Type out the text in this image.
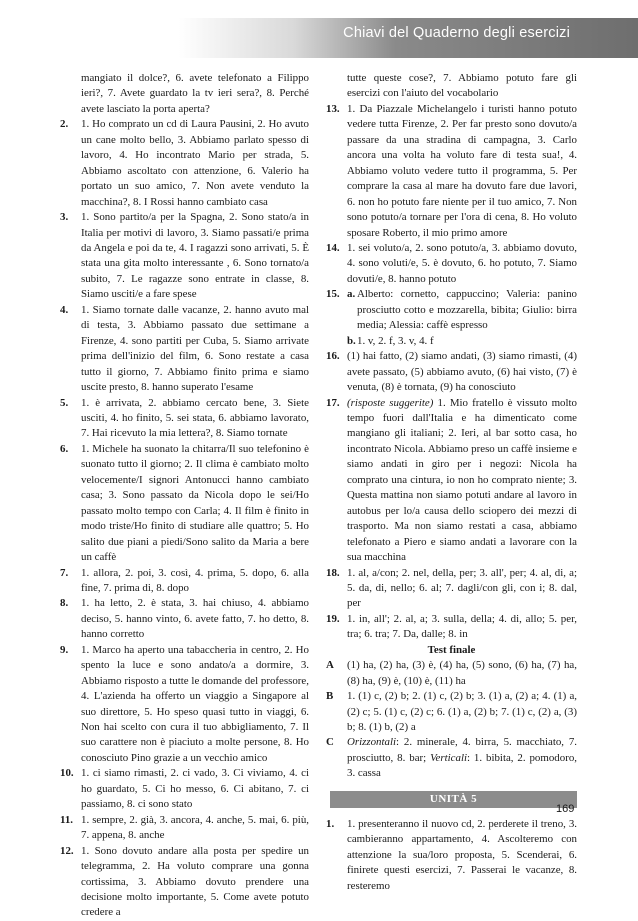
Chiavi del Quaderno degli esercizi
mangiato il dolce?, 6. avete telefonato a Filippo ieri?, 7. Avete guardato la tv ieri sera?, 8. Perché avete lasciato la porta aperta?
2.	1. Ho comprato un cd di Laura Pausini, 2. Ho avuto un cane molto bello, 3. Abbiamo parlato spesso di lavoro, 4. Ho incontrato Mario per strada, 5. Abbiamo ascoltato con attenzione, 6. Valerio ha portato un suo amico, 7. Non avete venduto la macchina?, 8. I Rossi hanno cambiato casa
3.	1. Sono partito/a per la Spagna, 2. Sono stato/a in Italia per motivi di lavoro, 3. Siamo passati/e prima da Angela e poi da te, 4. I ragazzi sono arrivati, 5. È stata una gita molto interessante , 6. Sono tornato/a subito, 7. Le ragazze sono entrate in classe, 8. Siamo usciti/e a fare spese
4.	1. Siamo tornate dalle vacanze, 2. hanno avuto mal di testa, 3. Abbiamo passato due settimane a Firenze, 4. sono partiti per Cuba, 5. Siamo arrivate prima dell'inizio del film, 6. Sono restate a casa tutto il giorno, 7. Abbiamo finito prima e siamo uscite presto, 8. hanno superato l'esame
5.	1. è arrivata, 2. abbiamo cercato bene, 3. Siete usciti, 4. ho finito, 5. sei stata, 6. abbiamo lavorato, 7. Hai ricevuto la mia lettera?, 8. Siamo tornate
6.	1. Michele ha suonato la chitarra/Il suo telefonino è suonato tutto il giorno; 2. Il clima è cambiato molto velocemente/I signori Antonucci hanno cambiato casa; 3. Sono passato da Nicola dopo le sei/Ho passato molto tempo con Carla; 4. Il film è finito in modo triste/Ho finito di studiare alle quattro; 5. Ho salito due piani a piedi/Sono salito da Maria a bere un caffè
7.	1. allora, 2. poi, 3. così, 4. prima, 5. dopo, 6. alla fine, 7. prima di, 8. dopo
8.	1. ha letto, 2. è stata, 3. hai chiuso, 4. abbiamo deciso, 5. hanno vinto, 6. avete fatto, 7. ho detto, 8. hanno corretto
9.	1. Marco ha aperto una tabaccheria in centro, 2. Ho spento la luce e sono andato/a a dormire, 3. Abbiamo risposto a tutte le domande del professore, 4. L'azienda ha offerto un viaggio a Singapore al suo direttore, 5. Ho speso quasi tutto in viaggi, 6. Non hai scelto con cura il tuo abbigliamento, 7. Il suo carattere non è piaciuto a molte persone, 8. Ho conosciuto Pino grazie a un vecchio amico
10. 1. ci siamo rimasti, 2. ci vado, 3. Ci viviamo, 4. ci ho guardato, 5. Ci ho messo, 6. Ci abitano, 7. ci passiamo, 8. ci sono stato
11. 1. sempre, 2. già, 3. ancora, 4. anche, 5. mai, 6. più, 7. appena, 8. anche
12. 1. Sono dovuto andare alla posta per spedire un telegramma, 2. Ha voluto comprare una gonna cortissima, 3. Abbiamo dovuto prendere una decisione molto importante, 5. Come avete potuto credere a
tutte queste cose?, 7. Abbiamo potuto fare gli esercizi con l'aiuto del vocabolario
13. 1. Da Piazzale Michelangelo i turisti hanno potuto vedere tutta Firenze, 2. Per far presto sono dovuto/a passare da una stradina di campagna, 3. Carlo ancora una volta ha voluto fare di testa sua!, 4. Abbiamo voluto vedere tutto il programma, 5. Per comprare la casa al mare ha dovuto fare due lavori, 6. non ho potuto fare niente per il tuo amico, 7. Non sono potuto/a tornare per l'ora di cena, 8. Ho voluto sposare Roberto, il mio primo amore
14. 1. sei voluto/a, 2. sono potuto/a, 3. abbiamo dovuto, 4. sono voluti/e, 5. è dovuto, 6. ho potuto, 7. Siamo dovuti/e, 8. hanno potuto
15. a. Alberto: cornetto, cappuccino; Valeria: panino prosciutto cotto e mozzarella, bibita; Giulio: birra media; Alessia: caffè espresso
b. 1. v, 2. f, 3. v, 4. f
16. (1) hai fatto, (2) siamo andati, (3) siamo rimasti, (4) avete passato, (5) abbiamo avuto, (6) hai visto, (7) è venuta, (8) è tornata, (9) ha conosciuto
17. (risposte suggerite) 1. Mio fratello è vissuto molto tempo fuori dall'Italia e ha dimenticato come mangiano gli italiani; 2. Ieri, al bar sotto casa, ho incontrato Nicola. Abbiamo preso un caffè insieme e siamo andati in giro per i negozi: Nicola ha comprato una cintura, io non ho comprato niente; 3. Questa mattina non siamo potuti andare al lavoro in autobus per lo/a causa dello sciopero dei mezzi di trasporto. Ma non siamo restati a casa, abbiamo telefonato a Piero e siamo andati a lavorare con la sua macchina
18. 1. al, a/con; 2. nel, della, per; 3. all', per; 4. al, di, a; 5. da, di, nello; 6. al; 7. dagli/con gli, con i; 8. dal, per
19. 1. in, all'; 2. al, a; 3. sulla, della; 4. di, allo; 5. per, tra; 6. tra; 7. Da, dalle; 8. in
Test finale
A	(1) ha, (2) ha, (3) è, (4) ha, (5) sono, (6) ha, (7) ha, (8) ha, (9) è, (10) è, (11) ha
B	1. (1) c, (2) b; 2. (1) c, (2) b; 3. (1) a, (2) a; 4. (1) a, (2) c; 5. (1) c, (2) c; 6. (1) a, (2) b; 7. (1) c, (2) a, (3) b; 8. (1) b, (2) a
C	Orizzontali: 2. minerale, 4. birra, 5. macchiato, 7. prosciutto, 8. bar; Verticali: 1. bibita, 2. pomodoro, 3. cassa
UNITÀ 5
1.	1. presenteranno il nuovo cd, 2. perderete il treno, 3. cambieranno appartamento, 4. Ascolteremo con attenzione la sua/loro proposta, 5. Scenderai, 6. finirete questi esercizi, 7. Passerai le vacanze, 8. resteremo
169
